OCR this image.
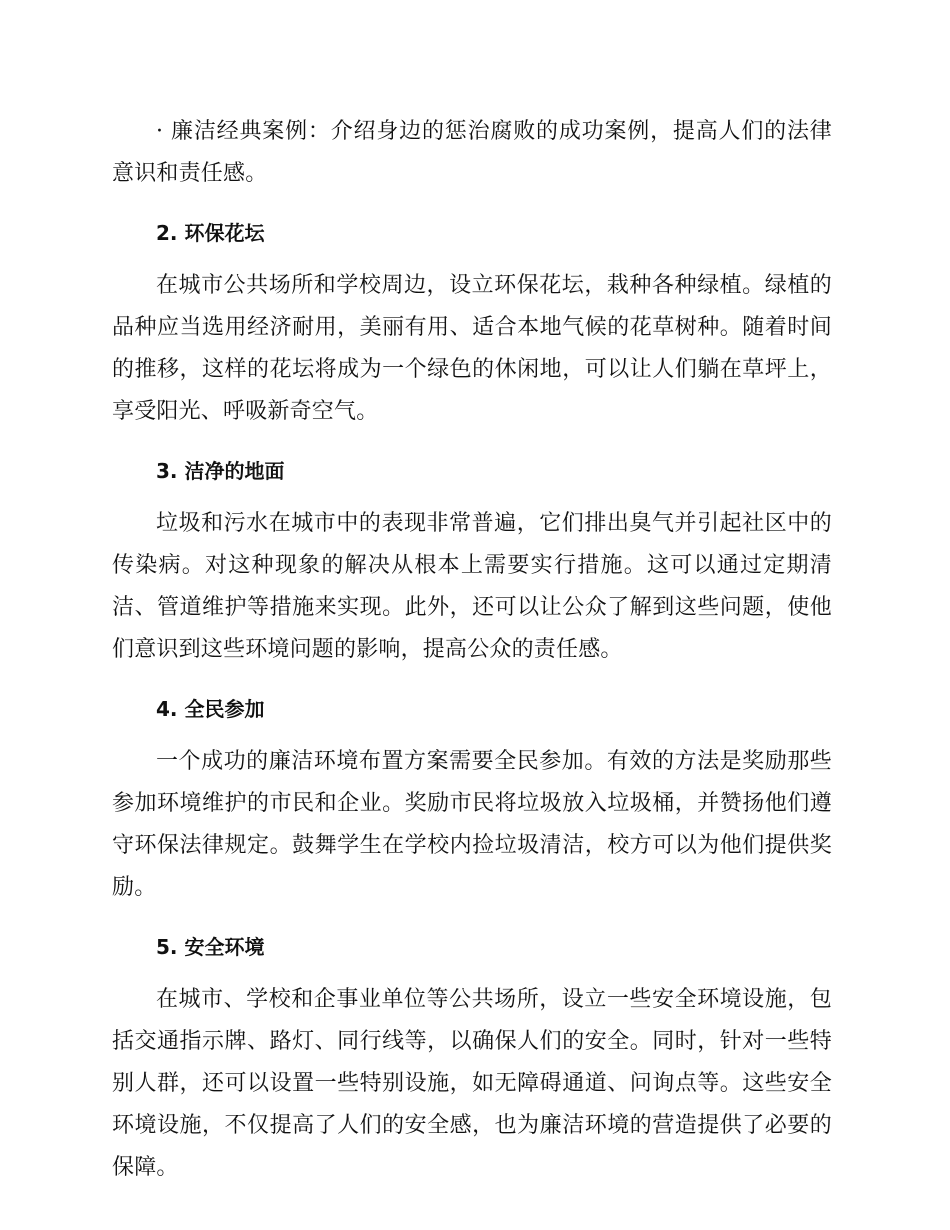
· 廉洁经典案例：介绍身边的惩治腐败的成功案例，提高人们的法律意识和责任感。

2. 环保花坛

在城市公共场所和学校周边，设立环保花坛，栽种各种绿植。绿植的品种应当选用经济耐用，美丽有用、适合本地气候的花草树种。随着时间的推移，这样的花坛将成为一个绿色的休闲地，可以让人们躺在草坪上，享受阳光、呼吸新奇空气。

3. 洁净的地面

垃圾和污水在城市中的表现非常普遍，它们排出臭气并引起社区中的传染病。对这种现象的解决从根本上需要实行措施。这可以通过定期清洁、管道维护等措施来实现。此外，还可以让公众了解到这些问题，使他们意识到这些环境问题的影响，提高公众的责任感。

4. 全民参加

一个成功的廉洁环境布置方案需要全民参加。有效的方法是奖励那些参加环境维护的市民和企业。奖励市民将垃圾放入垃圾桶，并赞扬他们遵守环保法律规定。鼓舞学生在学校内捡垃圾清洁，校方可以为他们提供奖励。

5. 安全环境

在城市、学校和企事业单位等公共场所，设立一些安全环境设施，包括交通指示牌、路灯、同行线等，以确保人们的安全。同时，针对一些特别人群，还可以设置一些特别设施，如无障碍通道、问询点等。这些安全环境设施，不仅提高了人们的安全感，也为廉洁环境的营造提供了必要的保障。
